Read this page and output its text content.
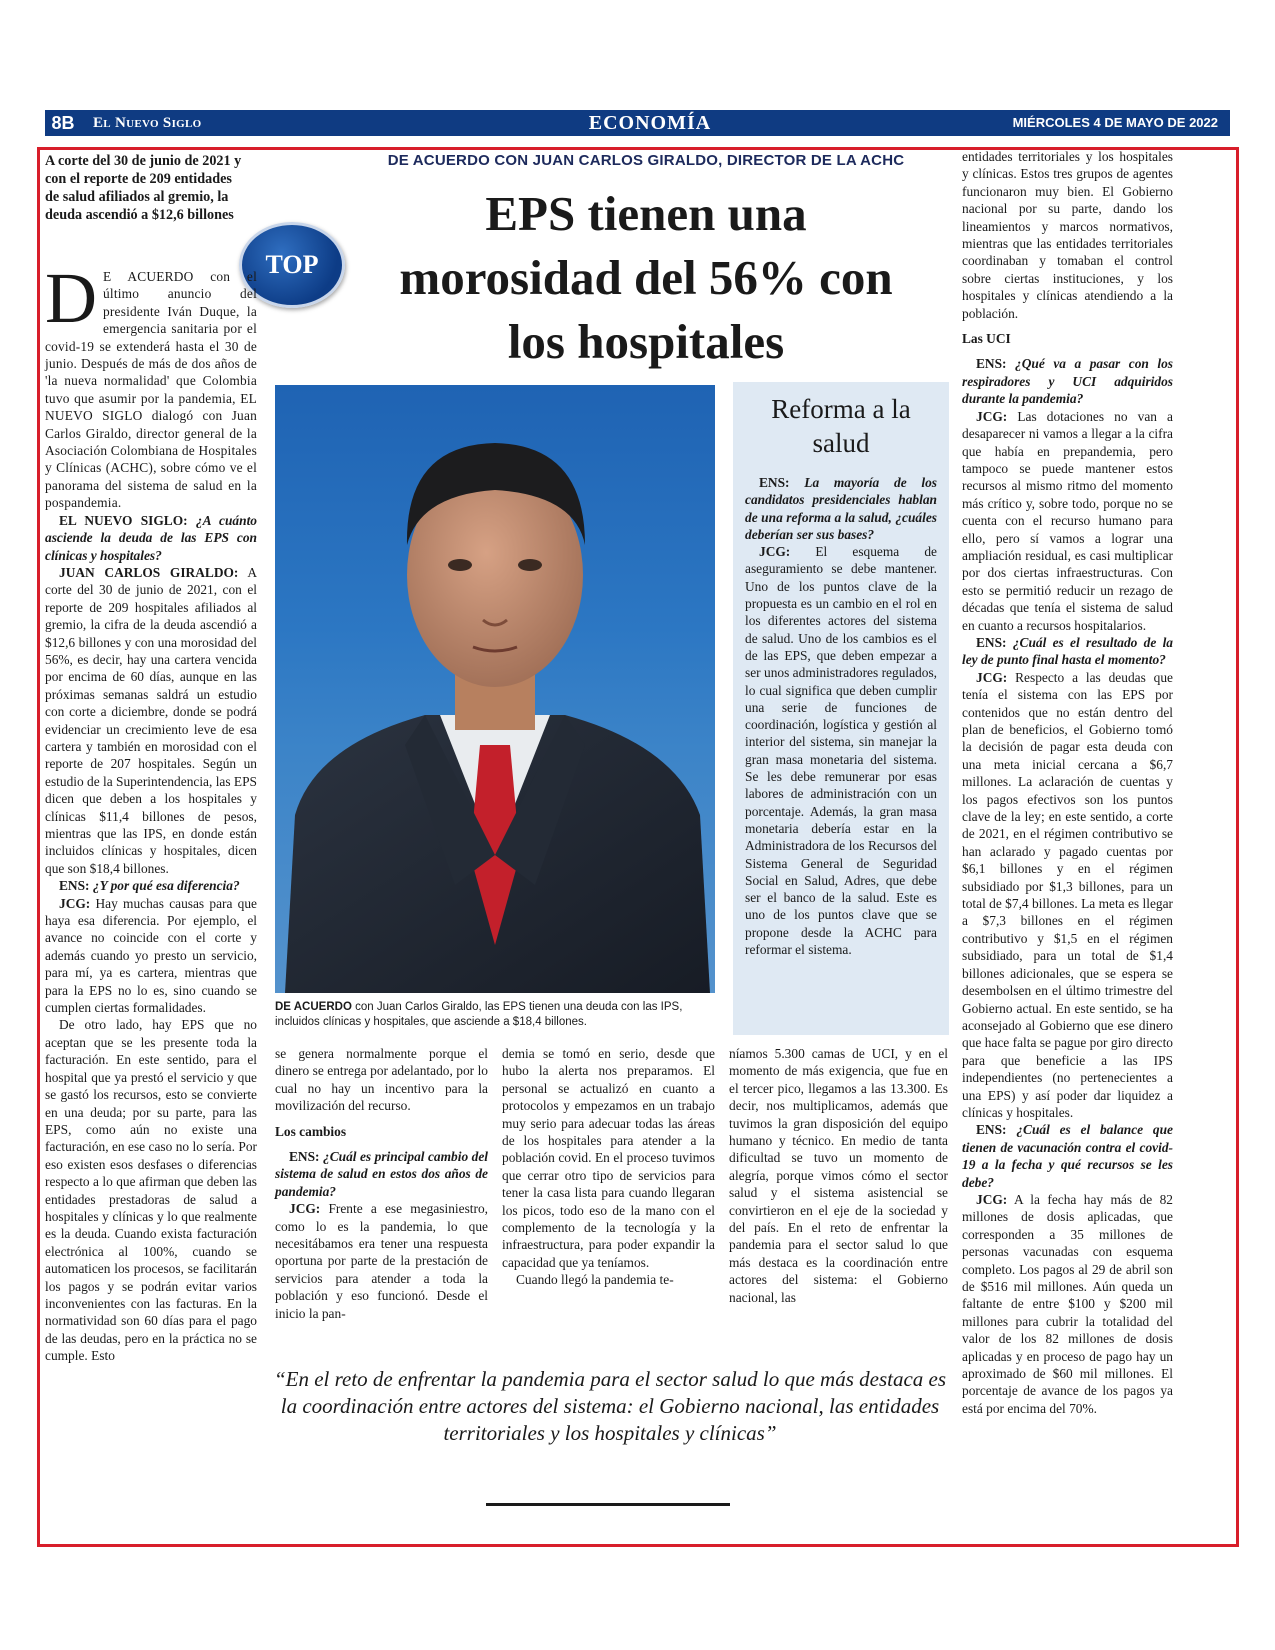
8B	El Nuevo Siglo	ECONOMÍA	MIÉRCOLES 4 DE MAYO DE 2022
DE ACUERDO CON JUAN CARLOS GIRALDO, DIRECTOR DE LA ACHC
EPS tienen una morosidad del 56% con los hospitales
TOP
A corte del 30 de junio de 2021 y con el reporte de 209 entidades de salud afiliados al gremio, la deuda ascendió a $12,6 billones

D E ACUERDO con el último anuncio del presidente Iván Duque, la emergencia sanitaria por el covid-19 se extenderá hasta el 30 de junio. Después de más de dos años de 'la nueva normalidad' que Colombia tuvo que asumir por la pandemia, EL NUEVO SIGLO dialogó con Juan Carlos Giraldo, director general de la Asociación Colombiana de Hospitales y Clínicas (ACHC), sobre cómo ve el panorama del sistema de salud en la pospandemia.

EL NUEVO SIGLO: ¿A cuánto asciende la deuda de las EPS con clínicas y hospitales?

JUAN CARLOS GIRALDO: A corte del 30 de junio de 2021, con el reporte de 209 hospitales afiliados al gremio, la cifra de la deuda ascendió a $12,6 billones y con una morosidad del 56%, es decir, hay una cartera vencida por encima de 60 días, aunque en las próximas semanas saldrá un estudio con corte a diciembre, donde se podrá evidenciar un crecimiento leve de esa cartera y también en morosidad con el reporte de 207 hospitales. Según un estudio de la Superintendencia, las EPS dicen que deben a los hospitales y clínicas $11,4 billones de pesos, mientras que las IPS, en donde están incluidos clínicas y hospitales, dicen que son $18,4 billones.

ENS: ¿Y por qué esa diferencia?

JCG: Hay muchas causas para que haya esa diferencia. Por ejemplo, el avance no coincide con el corte y además cuando yo presto un servicio, para mí, ya es cartera, mientras que para la EPS no lo es, sino cuando se cumplen ciertas formalidades.

De otro lado, hay EPS que no aceptan que se les presente toda la facturación. En este sentido, para el hospital que ya prestó el servicio y que se gastó los recursos, esto se convierte en una deuda; por su parte, para las EPS, como aún no existe una facturación, en ese caso no lo sería. Por eso existen esos desfases o diferencias respecto a lo que afirman que deben las entidades prestadoras de salud a hospitales y clínicas y lo que realmente es la deuda. Cuando exista facturación electrónica al 100%, cuando se automaticen los procesos, se facilitarán los pagos y se podrán evitar varios inconvenientes con las facturas. En la normatividad son 60 días para el pago de las deudas, pero en la práctica no se cumple. Esto

DE ACUERDO con Juan Carlos Giraldo, las EPS tienen una deuda con las IPS, incluidos clínicas y hospitales, que asciende a $18,4 billones.
Reforma a la salud

ENS: La mayoría de los candidatos presidenciales hablan de una reforma a la salud, ¿cuáles deberían ser sus bases?

JCG: El esquema de aseguramiento se debe mantener. Uno de los puntos clave de la propuesta es un cambio en el rol en los diferentes actores del sistema de salud. Uno de los cambios es el de las EPS, que deben empezar a ser unos administradores regulados, lo cual significa que deben cumplir una serie de funciones de coordinación, logística y gestión al interior del sistema, sin manejar la gran masa monetaria del sistema. Se les debe remunerar por esas labores de administración con un porcentaje. Además, la gran masa monetaria debería estar en la Administradora de los Recursos del Sistema General de Seguridad Social en Salud, Adres, que debe ser el banco de la salud. Este es uno de los puntos clave que se propone desde la ACHC para reformar el sistema.

se genera normalmente porque el dinero se entrega por adelantado, por lo cual no hay un incentivo para la movilización del recurso.

Los cambios

ENS: ¿Cuál es principal cambio del sistema de salud en estos dos años de pandemia?

JCG: Frente a ese megasiniestro, como lo es la pandemia, lo que necesitábamos era tener una respuesta oportuna por parte de la prestación de servicios para atender a toda la población y eso funcionó. Desde el inicio la pan-

demia se tomó en serio, desde que hubo la alerta nos preparamos. El personal se actualizó en cuanto a protocolos y empezamos en un trabajo muy serio para adecuar todas las áreas de los hospitales para atender a la población covid. En el proceso tuvimos que cerrar otro tipo de servicios para tener la casa lista para cuando llegaran los picos, todo eso de la mano con el complemento de la tecnología y la infraestructura, para poder expandir la capacidad que ya teníamos.

Cuando llegó la pandemia te-

níamos 5.300 camas de UCI, y en el momento de más exigencia, que fue en el tercer pico, llegamos a las 13.300. Es decir, nos multiplicamos, además que tuvimos la gran disposición del equipo humano y técnico. En medio de tanta dificultad se tuvo un momento de alegría, porque vimos cómo el sector salud y el sistema asistencial se convirtieron en el eje de la sociedad y del país. En el reto de enfrentar la pandemia para el sector salud lo que más destaca es la coordinación entre actores del sistema: el Gobierno nacional, las

entidades territoriales y los hospitales y clínicas. Estos tres grupos de agentes funcionaron muy bien. El Gobierno nacional por su parte, dando los lineamientos y marcos normativos, mientras que las entidades territoriales coordinaban y tomaban el control sobre ciertas instituciones, y los hospitales y clínicas atendiendo a la población.

Las UCI

ENS: ¿Qué va a pasar con los respiradores y UCI adquiridos durante la pandemia?

JCG: Las dotaciones no van a desaparecer ni vamos a llegar a la cifra que había en prepandemia, pero tampoco se puede mantener estos recursos al mismo ritmo del momento más crítico y, sobre todo, porque no se cuenta con el recurso humano para ello, pero sí vamos a lograr una ampliación residual, es casi multiplicar por dos ciertas infraestructuras. Con esto se permitió reducir un rezago de décadas que tenía el sistema de salud en cuanto a recursos hospitalarios.

ENS: ¿Cuál es el resultado de la ley de punto final hasta el momento?

JCG: Respecto a las deudas que tenía el sistema con las EPS por contenidos que no están dentro del plan de beneficios, el Gobierno tomó la decisión de pagar esta deuda con una meta inicial cercana a $6,7 millones. La aclaración de cuentas y los pagos efectivos son los puntos clave de la ley; en este sentido, a corte de 2021, en el régimen contributivo se han aclarado y pagado cuentas por $6,1 billones y en el régimen subsidiado por $1,3 billones, para un total de $7,4 billones. La meta es llegar a $7,3 billones en el régimen contributivo y $1,5 en el régimen subsidiado, para un total de $1,4 billones adicionales, que se espera se desembolsen en el último trimestre del Gobierno actual. En este sentido, se ha aconsejado al Gobierno que ese dinero que hace falta se pague por giro directo para que beneficie a las IPS independientes (no pertenecientes a una EPS) y así poder dar liquidez a clínicas y hospitales.

ENS: ¿Cuál es el balance que tienen de vacunación contra el covid-19 a la fecha y qué recursos se les debe?

JCG: A la fecha hay más de 82 millones de dosis aplicadas, que corresponden a 35 millones de personas vacunadas con esquema completo. Los pagos al 29 de abril son de $516 mil millones. Aún queda un faltante de entre $100 y $200 mil millones para cubrir la totalidad del valor de los 82 millones de dosis aplicadas y en proceso de pago hay un aproximado de $60 mil millones. El porcentaje de avance de los pagos ya está por encima del 70%.

“En el reto de enfrentar la pandemia para el sector salud lo que más destaca es la coordinación entre actores del sistema: el Gobierno nacional, las entidades territoriales y los hospitales y clínicas”
